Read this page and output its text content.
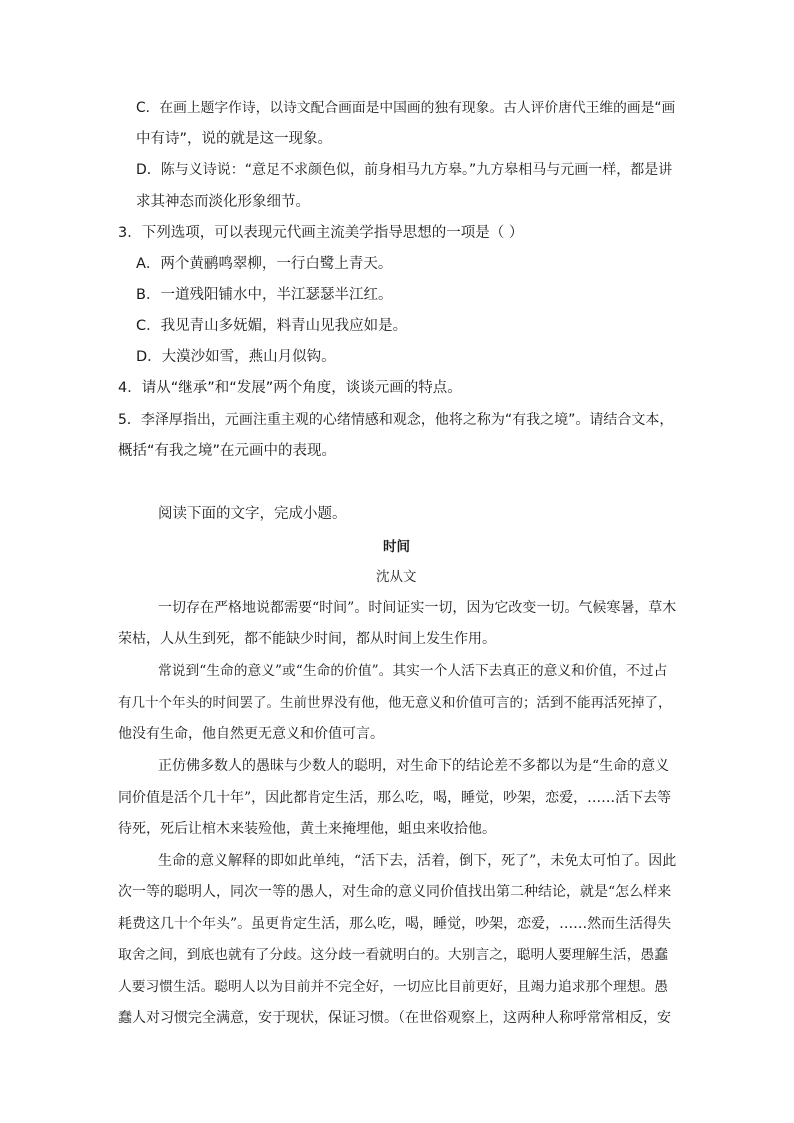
C．在画上题字作诗，以诗文配合画面是中国画的独有现象。古人评价唐代王维的画是“画
中有诗”，说的就是这一现象。
D．陈与义诗说：“意足不求颜色似，前身相马九方皋。”九方皋相马与元画一样，都是讲
求其神态而淡化形象细节。
3．下列选项，可以表现元代画主流美学指导思想的一项是（ ）
A．两个黄鹂鸣翠柳，一行白鹭上青天。
B．一道残阳铺水中，半江瑟瑟半江红。
C．我见青山多妩媚，料青山见我应如是。
D．大漠沙如雪，燕山月似钩。
4．请从“继承”和“发展”两个角度，谈谈元画的特点。
5．李泽厚指出，元画注重主观的心绪情感和观念，他将之称为“有我之境”。请结合文本，
概括“有我之境”在元画中的表现。
阅读下面的文字，完成小题。
时间
沈从文
一切存在严格地说都需要“时间”。时间证实一切，因为它改变一切。气候寒暑，草木
荣枯，人从生到死，都不能缺少时间，都从时间上发生作用。
常说到“生命的意义”或“生命的价值”。其实一个人活下去真正的意义和价值，不过占
有几十个年头的时间罢了。生前世界没有他，他无意义和价值可言的；活到不能再活死掉了，
他没有生命，他自然更无意义和价值可言。
正仿佛多数人的愚昧与少数人的聪明，对生命下的结论差不多都以为是“生命的意义
同价值是活个几十年”，因此都肯定生活，那么吃，喝，睡觉，吵架，恋爱，……活下去等
待死，死后让棺木来装殓他，黄土来掩埋他，蛆虫来收拾他。
生命的意义解释的即如此单纯，“活下去，活着，倒下，死了”，未免太可怕了。因此
次一等的聪明人，同次一等的愚人，对生命的意义同价值找出第二种结论，就是“怎么样来
耗费这几十个年头”。虽更肯定生活，那么吃，喝，睡觉，吵架，恋爱，……然而生活得失
取舍之间，到底也就有了分歧。这分歧一看就明白的。大别言之，聪明人要理解生活，愚蠢
人要习惯生活。聪明人以为目前并不完全好，一切应比目前更好，且竭力追求那个理想。愚
蠢人对习惯完全满意，安于现状，保证习惯。（在世俗观察上，这两种人称呼常常相反，安
